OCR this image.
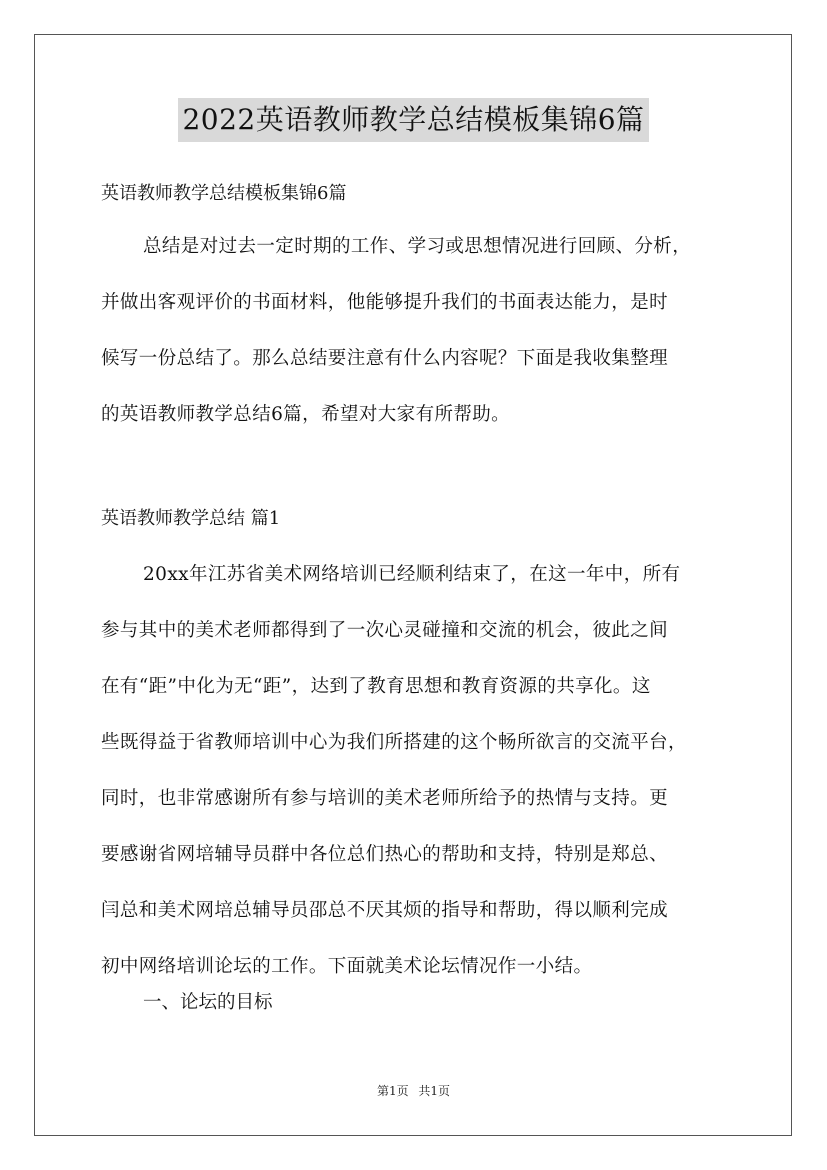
2022英语教师教学总结模板集锦6篇
英语教师教学总结模板集锦6篇
总结是对过去一定时期的工作、学习或思想情况进行回顾、分析，
并做出客观评价的书面材料，他能够提升我们的书面表达能力，是时
候写一份总结了。那么总结要注意有什么内容呢？下面是我收集整理
的英语教师教学总结6篇，希望对大家有所帮助。
英语教师教学总结 篇1
20xx年江苏省美术网络培训已经顺利结束了，在这一年中，所有
参与其中的美术老师都得到了一次心灵碰撞和交流的机会，彼此之间
在有“距”中化为无“距”，达到了教育思想和教育资源的共享化。这
些既得益于省教师培训中心为我们所搭建的这个畅所欲言的交流平台，
同时，也非常感谢所有参与培训的美术老师所给予的热情与支持。更
要感谢省网培辅导员群中各位总们热心的帮助和支持，特别是郑总、
闫总和美术网培总辅导员邵总不厌其烦的指导和帮助，得以顺利完成
初中网络培训论坛的工作。下面就美术论坛情况作一小结。
一、论坛的目标
第1页 共1页
